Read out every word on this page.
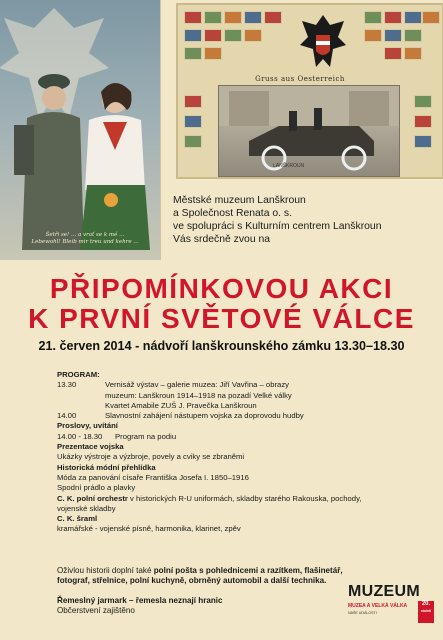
Šetři se! ... a vrať se k mé ...
Lebewohl! Bleib mir treu und kehre ...
Gruss aus Oesterreich
LANŠKROUN
Městské muzeum Lanškroun
a Společnost Renata o. s.
ve spolupráci s Kulturním centrem Lanškroun
Vás srdečně zvou na
PŘIPOMÍNKOVOU AKCI
K PRVNÍ SVĚTOVÉ VÁLCE
21. červen 2014 - nádvoří lanškrounského zámku 13.30–18.30
PROGRAM:
13.30	Vernisáž výstav – galerie muzea: Jiří Vavřina – obrazy
muzeum: Lanškroun 1914–1918 na pozadí Velké války
Kvartet Amabile ZUŠ J. Pravečka Lanškroun
14.00	Slavnostní zahájení nástupem vojska za doprovodu hudby
Proslovy, uvítání
14.00 - 18.30	Program na podiu
Prezentace vojska
Ukázky výstroje a výzbroje, povely a cviky se zbraněmi
Historická módní přehlídka
Móda za panování císaře Františka Josefa I. 1850–1916
Spodní prádlo a plavky
C. K. polní orchestr v historických R-U uniformách, skladby starého Rakouska, pochody,
vojenské skladby
C. K. šraml
kramářské - vojenské písně, harmonika, klarinet, zpěv
Oživlou historii doplní také polní pošta s pohlednicemi a razítkem, flašinetář,
fotograf, střelnice, polní kuchyně, obrněný automobil a další technika.
Řemeslný jarmark – řemesla neznají hranic
Občerstvení zajištěno
MUZEUM
MUZEA A VELKÁ VÁLKA
NAŠE UDÁLOSTI
20.
století
